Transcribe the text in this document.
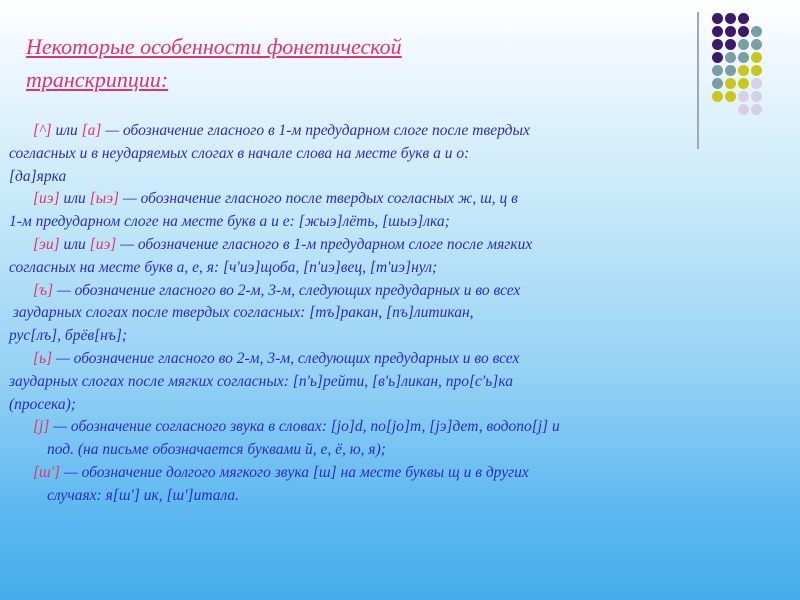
Некоторые особенности фонетической
транскрипции:

[^] или [а] — обозначение гласного в 1-м предударном слоге после твердых

согласных и в неударяемых слогах в начале слова на месте букв а и о:

[да]ярка

[иэ] или [ыэ] — обозначение гласного после твердых согласных ж, ш, ц в

1-м предударном слоге на месте букв а и е: [жыэ]лёть, [шыэ]лка;

[эи] или [иэ] — обозначение гласного в 1-м предударном слоге после мягких

согласных на месте букв а, е, я: [ч'иэ]щоба, [п'иэ]вец, [т'иэ]нул;

[ъ] — обозначение гласного во 2-м, 3-м, следующих предударных и во всех

заударных слогах после твердых согласных: [тъ]ракан, [пъ]литикан,

рус[лъ], брёв[нъ];

[ь] — обозначение гласного во 2-м, 3-м, следующих предударных и во всех

заударных слогах после мягких согласных: [п'ь]рейти, [в'ь]ликан, про[с'ь]ка

(просека);

[j] — обозначение согласного звука в словах: [jo]d, по[jo]т, [jэ]дет, водопо[j] и

под. (на письме обозначается буквами й, е, ё, ю, я);

[ш'] — обозначение долгого мягкого звука [ш] на месте буквы щ и в других

случаях: я[ш'] ик, [ш']итала.
